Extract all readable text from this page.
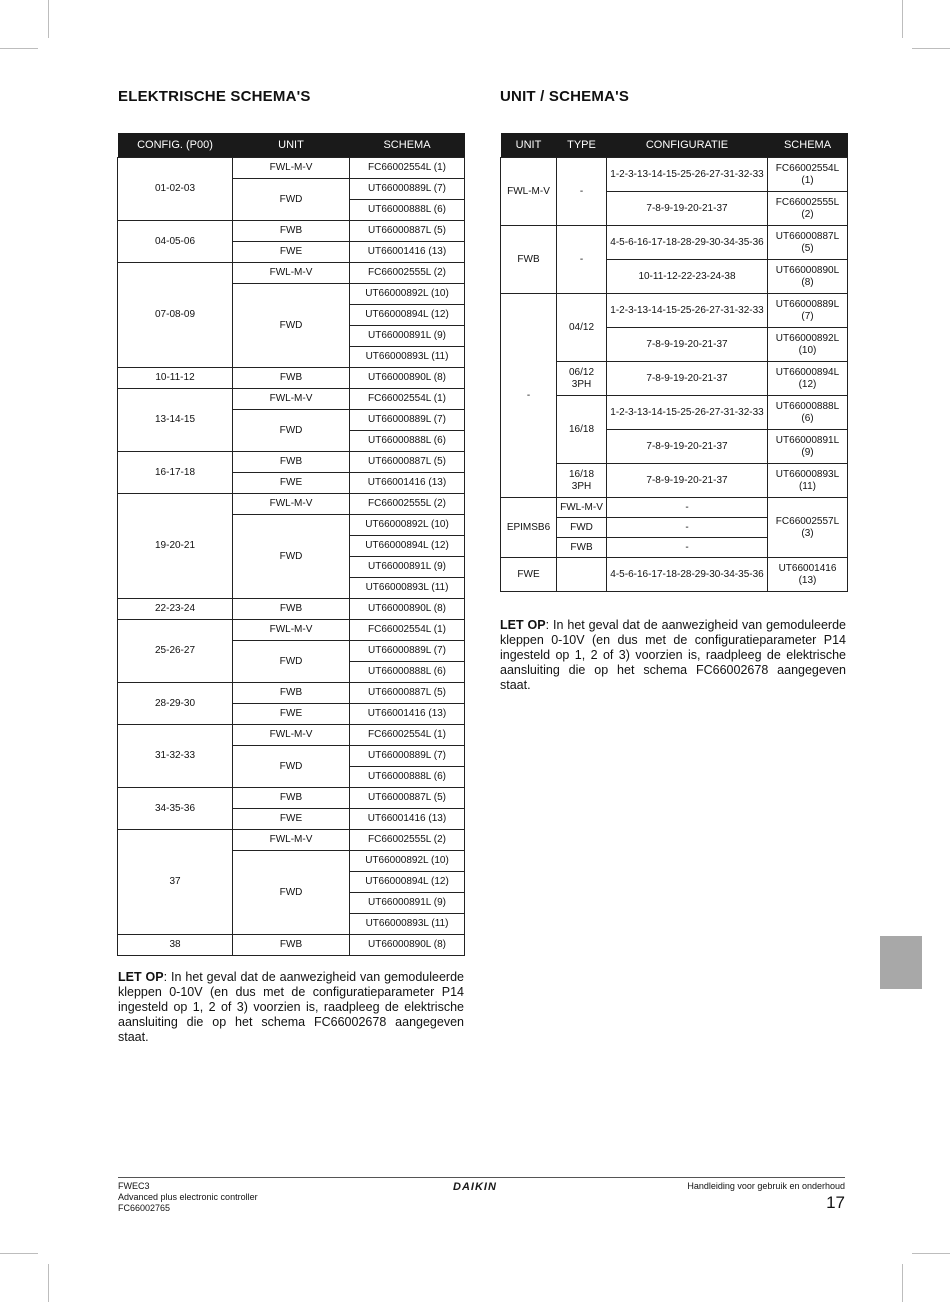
ELEKTRISCHE SCHEMA'S	UNIT / SCHEMA'S
CONFIG. (P00)	UNIT	SCHEMA
01-02-03	FWL-M-V	FC66002554L (1)
	FWD	UT66000889L (7)
		UT66000888L (6)
04-05-06	FWB	UT66000887L (5)
	FWE	UT66001416 (13)
07-08-09	FWL-M-V	FC66002555L (2)
	FWD	UT66000892L (10)
		UT66000894L (12)
		UT66000891L (9)
		UT66000893L (11)
10-11-12	FWB	UT66000890L (8)
13-14-15	FWL-M-V	FC66002554L (1)
	FWD	UT66000889L (7)
		UT66000888L (6)
16-17-18	FWB	UT66000887L (5)
	FWE	UT66001416 (13)
19-20-21	FWL-M-V	FC66002555L (2)
	FWD	UT66000892L (10)
		UT66000894L (12)
		UT66000891L (9)
		UT66000893L (11)
22-23-24	FWB	UT66000890L (8)
25-26-27	FWL-M-V	FC66002554L (1)
	FWD	UT66000889L (7)
		UT66000888L (6)
28-29-30	FWB	UT66000887L (5)
	FWE	UT66001416 (13)
31-32-33	FWL-M-V	FC66002554L (1)
	FWD	UT66000889L (7)
		UT66000888L (6)
34-35-36	FWB	UT66000887L (5)
	FWE	UT66001416 (13)
37	FWL-M-V	FC66002555L (2)
	FWD	UT66000892L (10)
		UT66000894L (12)
		UT66000891L (9)
		UT66000893L (11)
38	FWB	UT66000890L (8)
UNIT	TYPE	CONFIGURATIE	SCHEMA
FWL-M-V	-	1-2-3-13-14-15-25-26-27-31-32-33	FC66002554L (1)
		7-8-9-19-20-21-37	FC66002555L (2)
FWB	-	4-5-6-16-17-18-28-29-30-34-35-36	UT66000887L (5)
		10-11-12-22-23-24-38	UT66000890L (8)
-	04/12	1-2-3-13-14-15-25-26-27-31-32-33	UT66000889L (7)
		7-8-9-19-20-21-37	UT66000892L (10)
	06/12 3PH	7-8-9-19-20-21-37	UT66000894L (12)
	16/18	1-2-3-13-14-15-25-26-27-31-32-33	UT66000888L (6)
		7-8-9-19-20-21-37	UT66000891L (9)
	16/18 3PH	7-8-9-19-20-21-37	UT66000893L (11)
EPIMSB6	FWL-M-V	-	FC66002557L (3)
	FWD	-	
	FWB	-	
FWE		4-5-6-16-17-18-28-29-30-34-35-36	UT66001416 (13)
LET OP: In het geval dat de aanwezigheid van gemoduleerde kleppen 0-10V (en dus met de configuratieparameter P14 ingesteld op 1, 2 of 3) voorzien is, raadpleeg de elektrische aansluiting die op het schema FC66002678 aangegeven staat.
LET OP: In het geval dat de aanwezigheid van gemoduleerde kleppen 0-10V (en dus met de configuratieparameter P14 ingesteld op 1, 2 of 3) voorzien is, raadpleeg de elektrische aansluiting die op het schema FC66002678 aangegeven staat.
FWEC3
Advanced plus electronic controller
FC66002765
DAIKIN	Handleiding voor gebruik en onderhoud
17
